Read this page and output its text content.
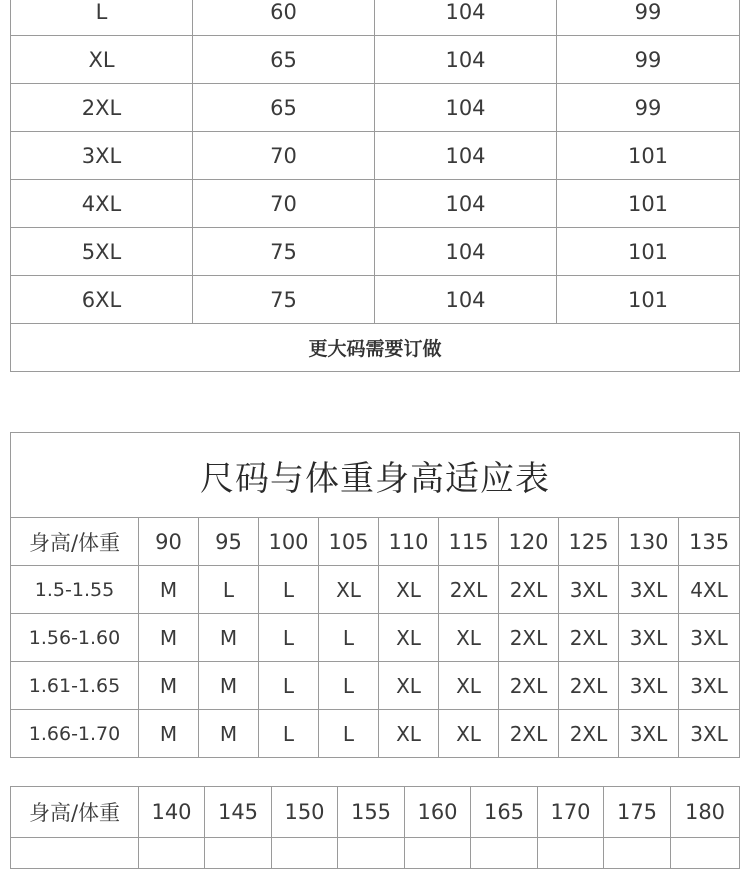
L	60	104	99
XL	65	104	99
2XL	65	104	99
3XL	70	104	101
4XL	70	104	101
5XL	75	104	101
6XL	75	104	101
更大码需要订做			
尺码与体重身高适应表										
身高/体重	90	95	100	105	110	115	120	125	130	135
1.5-1.55	M	L	L	XL	XL	2XL	2XL	3XL	3XL	4XL
1.56-1.60	M	M	L	L	XL	XL	2XL	2XL	3XL	3XL
1.61-1.65	M	M	L	L	XL	XL	2XL	2XL	3XL	3XL
1.66-1.70	M	M	L	L	XL	XL	2XL	2XL	3XL	3XL
身高/体重	140	145	150	155	160	165	170	175	180
